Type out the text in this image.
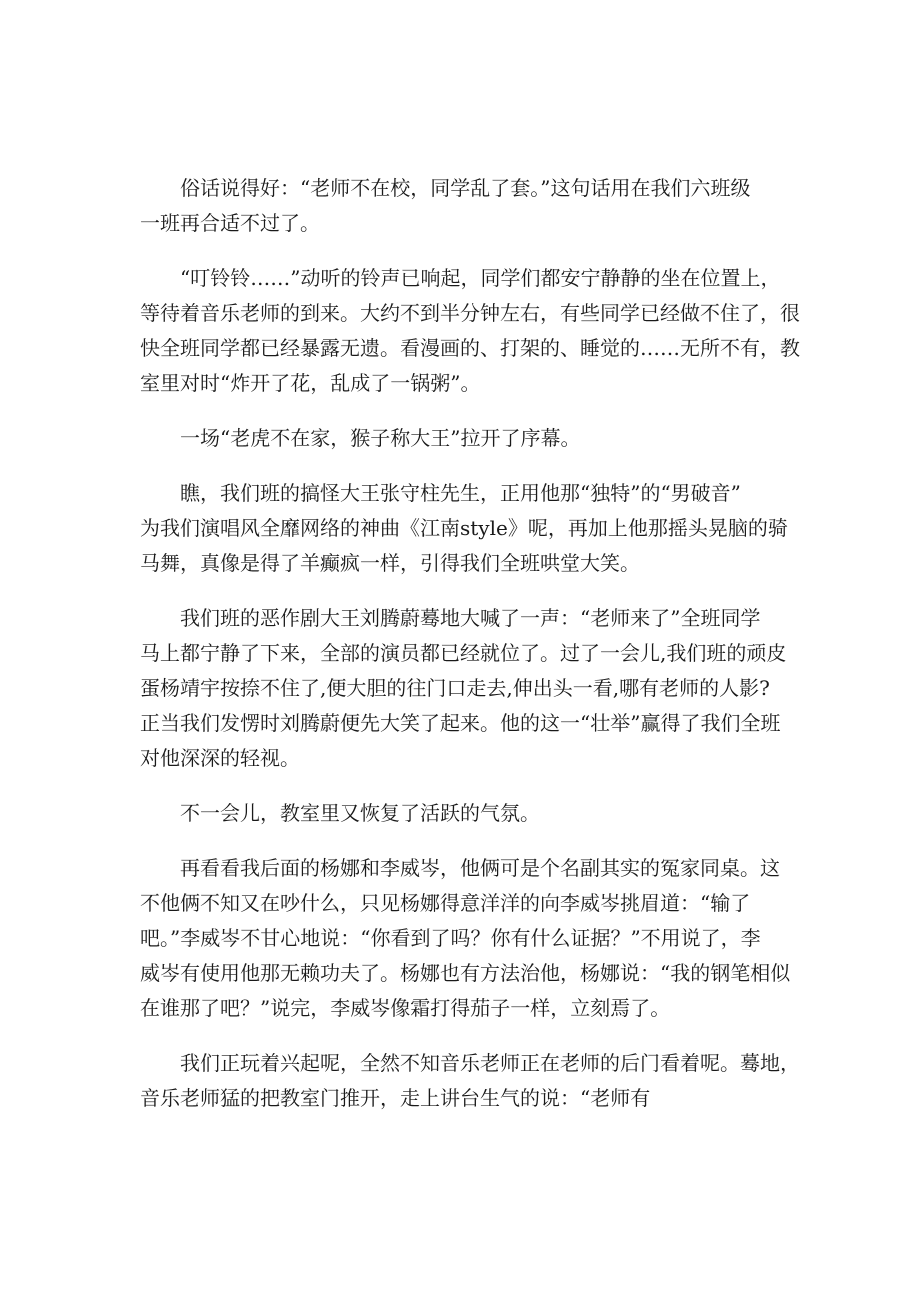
　　俗话说得好：“老师不在校，同学乱了套。”这句话用在我们六班级
一班再合适不过了。

　　“叮铃铃……”动听的铃声已响起，同学们都安宁静静的坐在位置上，
等待着音乐老师的到来。大约不到半分钟左右，有些同学已经做不住了，很
快全班同学都已经暴露无遗。看漫画的、打架的、睡觉的……无所不有，教
室里对时“炸开了花，乱成了一锅粥”。

　　一场“老虎不在家，猴子称大王”拉开了序幕。

　　瞧，我们班的搞怪大王张守柱先生，正用他那“独特”的“男破音”
为我们演唱风全靡网络的神曲《江南style》呢，再加上他那摇头晃脑的骑
马舞，真像是得了羊癫疯一样，引得我们全班哄堂大笑。

　　我们班的恶作剧大王刘腾蔚蓦地大喊了一声：“老师来了”全班同学
马上都宁静了下来，全部的演员都已经就位了。过了一会儿,我们班的顽皮
蛋杨靖宇按捺不住了,便大胆的往门口走去,伸出头一看,哪有老师的人影?
正当我们发愣时刘腾蔚便先大笑了起来。他的这一“壮举”赢得了我们全班
对他深深的轻视。

　　不一会儿，教室里又恢复了活跃的气氛。

　　再看看我后面的杨娜和李威岑，他俩可是个名副其实的冤家同桌。这
不他俩不知又在吵什么，只见杨娜得意洋洋的向李威岑挑眉道：“输了
吧。”李威岑不甘心地说：“你看到了吗？你有什么证据？”不用说了，李
威岑有使用他那无赖功夫了。杨娜也有方法治他，杨娜说：“我的钢笔相似
在谁那了吧？”说完，李威岑像霜打得茄子一样，立刻焉了。

　　我们正玩着兴起呢，全然不知音乐老师正在老师的后门看着呢。蓦地，
音乐老师猛的把教室门推开，走上讲台生气的说：“老师有
